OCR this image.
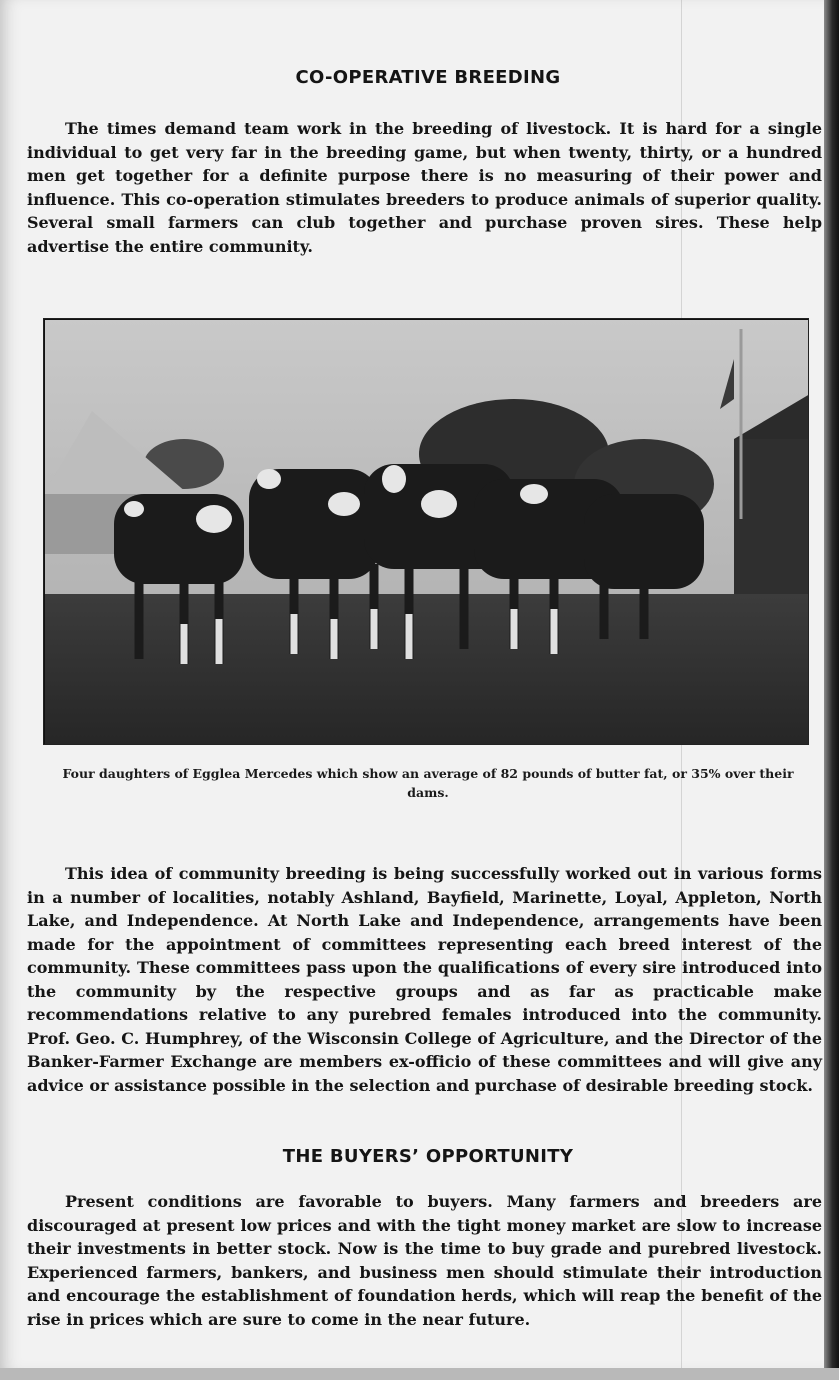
CO-OPERATIVE BREEDING

The times demand team work in the breeding of livestock. It is hard for a single individual to get very far in the breeding game, but when twenty, thirty, or a hundred men get together for a definite purpose there is no measuring of their power and influence. This co-operation stimulates breeders to produce animals of superior quality. Several small farmers can club together and purchase proven sires. These help advertise the entire community.

Four daughters of Egglea Mercedes which show an average of 82 pounds of butter fat, or 35% over their dams.

This idea of community breeding is being successfully worked out in various forms in a number of localities, notably Ashland, Bayfield, Marinette, Loyal, Appleton, North Lake, and Independence. At North Lake and Independence, arrangements have been made for the appointment of committees representing each breed interest of the community. These committees pass upon the qualifications of every sire introduced into the community by the respective groups and as far as practicable make recommendations relative to any purebred females introduced into the community. Prof. Geo. C. Humphrey, of the Wisconsin College of Agriculture, and the Director of the Banker-Farmer Exchange are members ex-officio of these committees and will give any advice or assistance possible in the selection and purchase of desirable breeding stock.

THE BUYERS’ OPPORTUNITY

Present conditions are favorable to buyers. Many farmers and breeders are discouraged at present low prices and with the tight money market are slow to increase their investments in better stock. Now is the time to buy grade and purebred livestock. Experienced farmers, bankers, and business men should stimulate their introduction and encourage the establishment of foundation herds, which will reap the benefit of the rise in prices which are sure to come in the near future.
